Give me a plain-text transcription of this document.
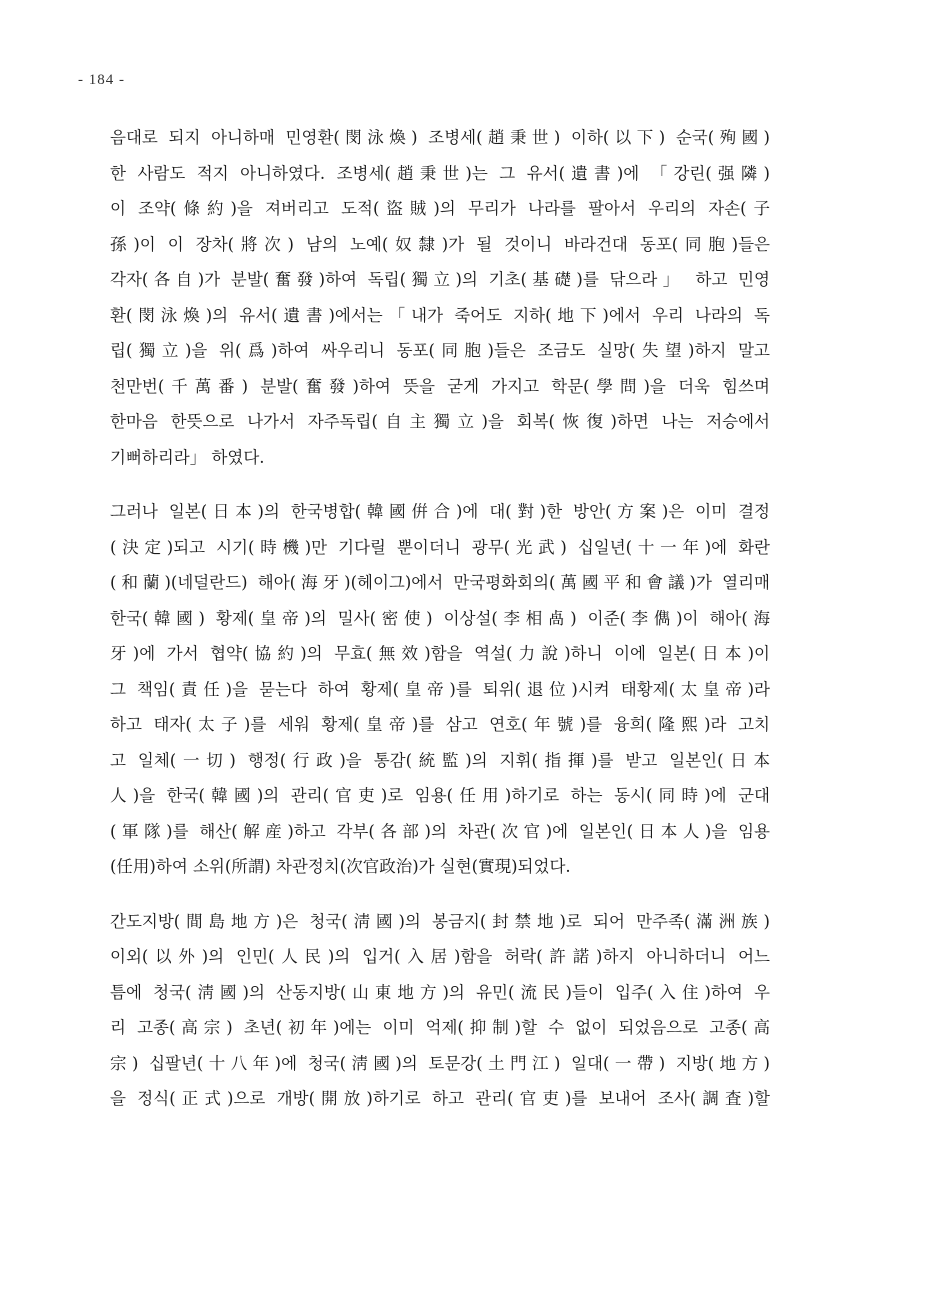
- 184 -
음대로 되지 아니하매 민영환(閔泳煥) 조병세(趙秉世) 이하(以下) 순국(殉國)
한 사람도 적지 아니하였다. 조병세(趙秉世)는 그 유서(遺書)에 「강린(强隣)
이 조약(條約)을 져버리고 도적(盜賊)의 무리가 나라를 팔아서 우리의 자손(子
孫)이 이 장차(將次) 남의 노예(奴隸)가 될 것이니 바라건대 동포(同胞)들은
각자(各自)가 분발(奮發)하여 독립(獨立)의 기초(基礎)를 닦으라」 하고 민영
환(閔泳煥)의 유서(遺書)에서는「내가 죽어도 지하(地下)에서 우리 나라의 독
립(獨立)을 위(爲)하여 싸우리니 동포(同胞)들은 조금도 실망(失望)하지 말고
천만번(千萬番) 분발(奮發)하여 뜻을 굳게 가지고 학문(學問)을 더욱 힘쓰며
한마음 한뜻으로 나가서 자주독립(自主獨立)을 회복(恢復)하면 나는 저승에서
기뻐하리라」 하였다.
그러나 일본(日本)의 한국병합(韓國倂合)에 대(對)한 방안(方案)은 이미 결정
(決定)되고 시기(時機)만 기다릴 뿐이더니 광무(光武) 십일년(十一年)에 화란
(和蘭)(네덜란드) 해아(海牙)(헤이그)에서 만국평화회의(萬國平和會議)가 열리매
한국(韓國) 황제(皇帝)의 밀사(密使) 이상설(李相卨) 이준(李儁)이 해아(海
牙)에 가서 협약(協約)의 무효(無效)함을 역설(力說)하니 이에 일본(日本)이
그 책임(責任)을 묻는다 하여 황제(皇帝)를 퇴위(退位)시켜 태황제(太皇帝)라
하고 태자(太子)를 세워 황제(皇帝)를 삼고 연호(年號)를 융희(隆熙)라 고치
고 일체(一切) 행정(行政)을 통감(統監)의 지휘(指揮)를 받고 일본인(日本
人)을 한국(韓國)의 관리(官吏)로 임용(任用)하기로 하는 동시(同時)에 군대
(軍隊)를 해산(解産)하고 각부(各部)의 차관(次官)에 일본인(日本人)을 임용
(任用)하여 소위(所謂) 차관정치(次官政治)가 실현(實現)되었다.
간도지방(間島地方)은 청국(淸國)의 봉금지(封禁地)로 되어 만주족(滿洲族)
이외(以外)의 인민(人民)의 입거(入居)함을 허락(許諾)하지 아니하더니 어느
틈에 청국(淸國)의 산동지방(山東地方)의 유민(流民)들이 입주(入住)하여 우
리 고종(高宗) 초년(初年)에는 이미 억제(抑制)할 수 없이 되었음으로 고종(高
宗) 십팔년(十八年)에 청국(淸國)의 토문강(土門江) 일대(一帶) 지방(地方)
을 정식(正式)으로 개방(開放)하기로 하고 관리(官吏)를 보내어 조사(調査)할
